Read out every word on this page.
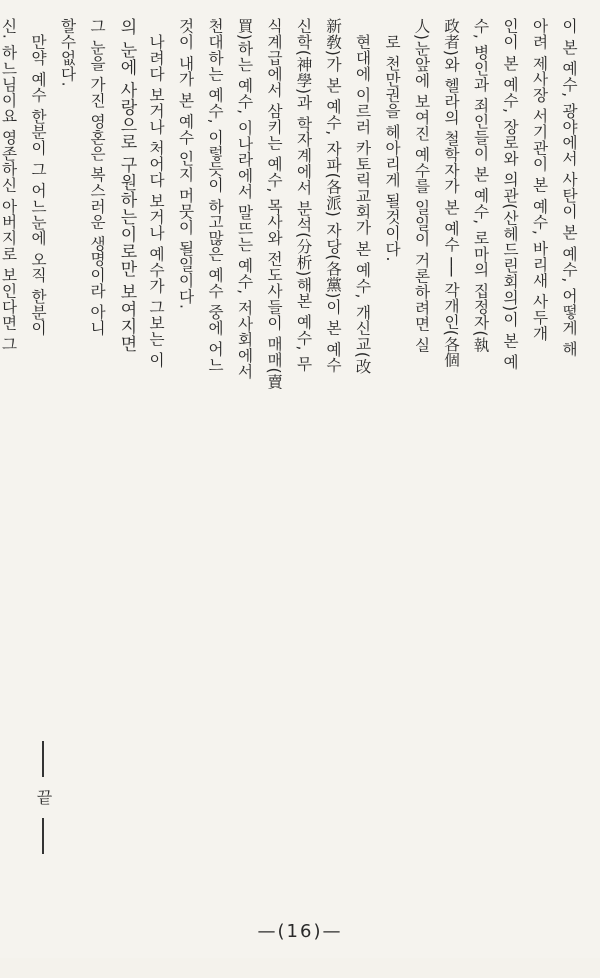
이 본 예수, 광야에서 사탄이 본 예수, 어떻게 해
아려 제사장 서기관이 본 예수, 바리새 사두개
인이 본 예수, 장로와 의관(산헤드린회의)이 본 예
수, 병인과 죄인들이 본 예수, 로마의 집정자(執
政者)와 헬라의 철학자가 본 예수 ── 각개인(各個
人)눈앞에 보여진 예수를 일일이 거론하려면 실
로 천만권을 헤아리게 될것이다.
현대에 이르러 카토릭교회가 본 예수, 개신교(改
新敎)가 본 예수, 자파(各派) 자당(各黨)이 본 예수
신학(神學)과 학자계에서 분석(分析)해본 예수, 무
식계급에서 삼키는 예수, 목사와 전도사들이 매매(賣
買)하는 예수, 이나라에서 말뜨는 예수, 저사회에서
천대하는 예수, 이렇듯이 하고많은 예수 중에 어느
것이 내가 본 예수 인지 머뭇이 될일이다.
나려다 보거나 처어다 보거나 예수가 그보는 이
의 눈에 사랑으로 구원하는이로만 보여지면
그 눈을 가진 영혼은 복스러운 생명이라 아니
할수없다.
만약 예수 한분이 그 어느눈에 오직 한분이
신. 하느님이요 영존하신 아버지로 보인다면 그
끝
—(16)—
